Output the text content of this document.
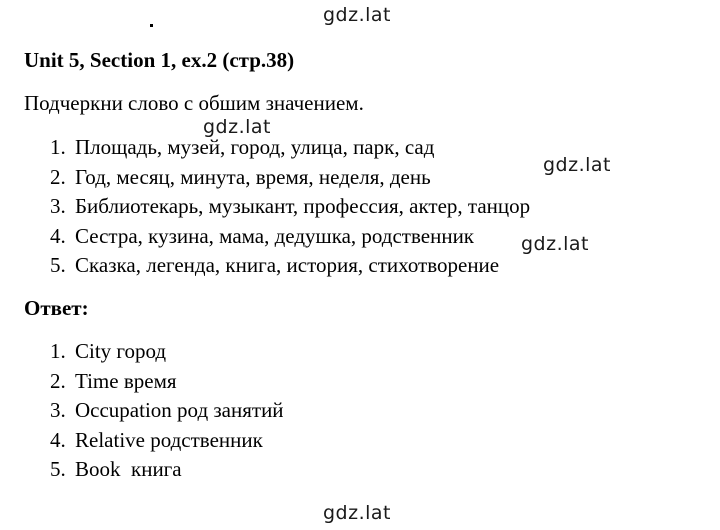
gdz.lat
Unit 5, Section 1, ex.2 (стр.38)
Подчеркни слово с обшим значением.
gdz.lat
1. Площадь, музей, город, улица, парк, сад
2. Год, месяц, минута, время, неделя, день
3. Библиотекарь, музыкант, профессия, актер, танцор
4. Сестра, кузина, мама, дедушка, родственник
5. Сказка, легенда, книга, история, стихотворение
gdz.lat
gdz.lat
Ответ:
1. City город
2. Time время
3. Occupation род занятий
4. Relative родственник
5. Book  книга
gdz.lat
